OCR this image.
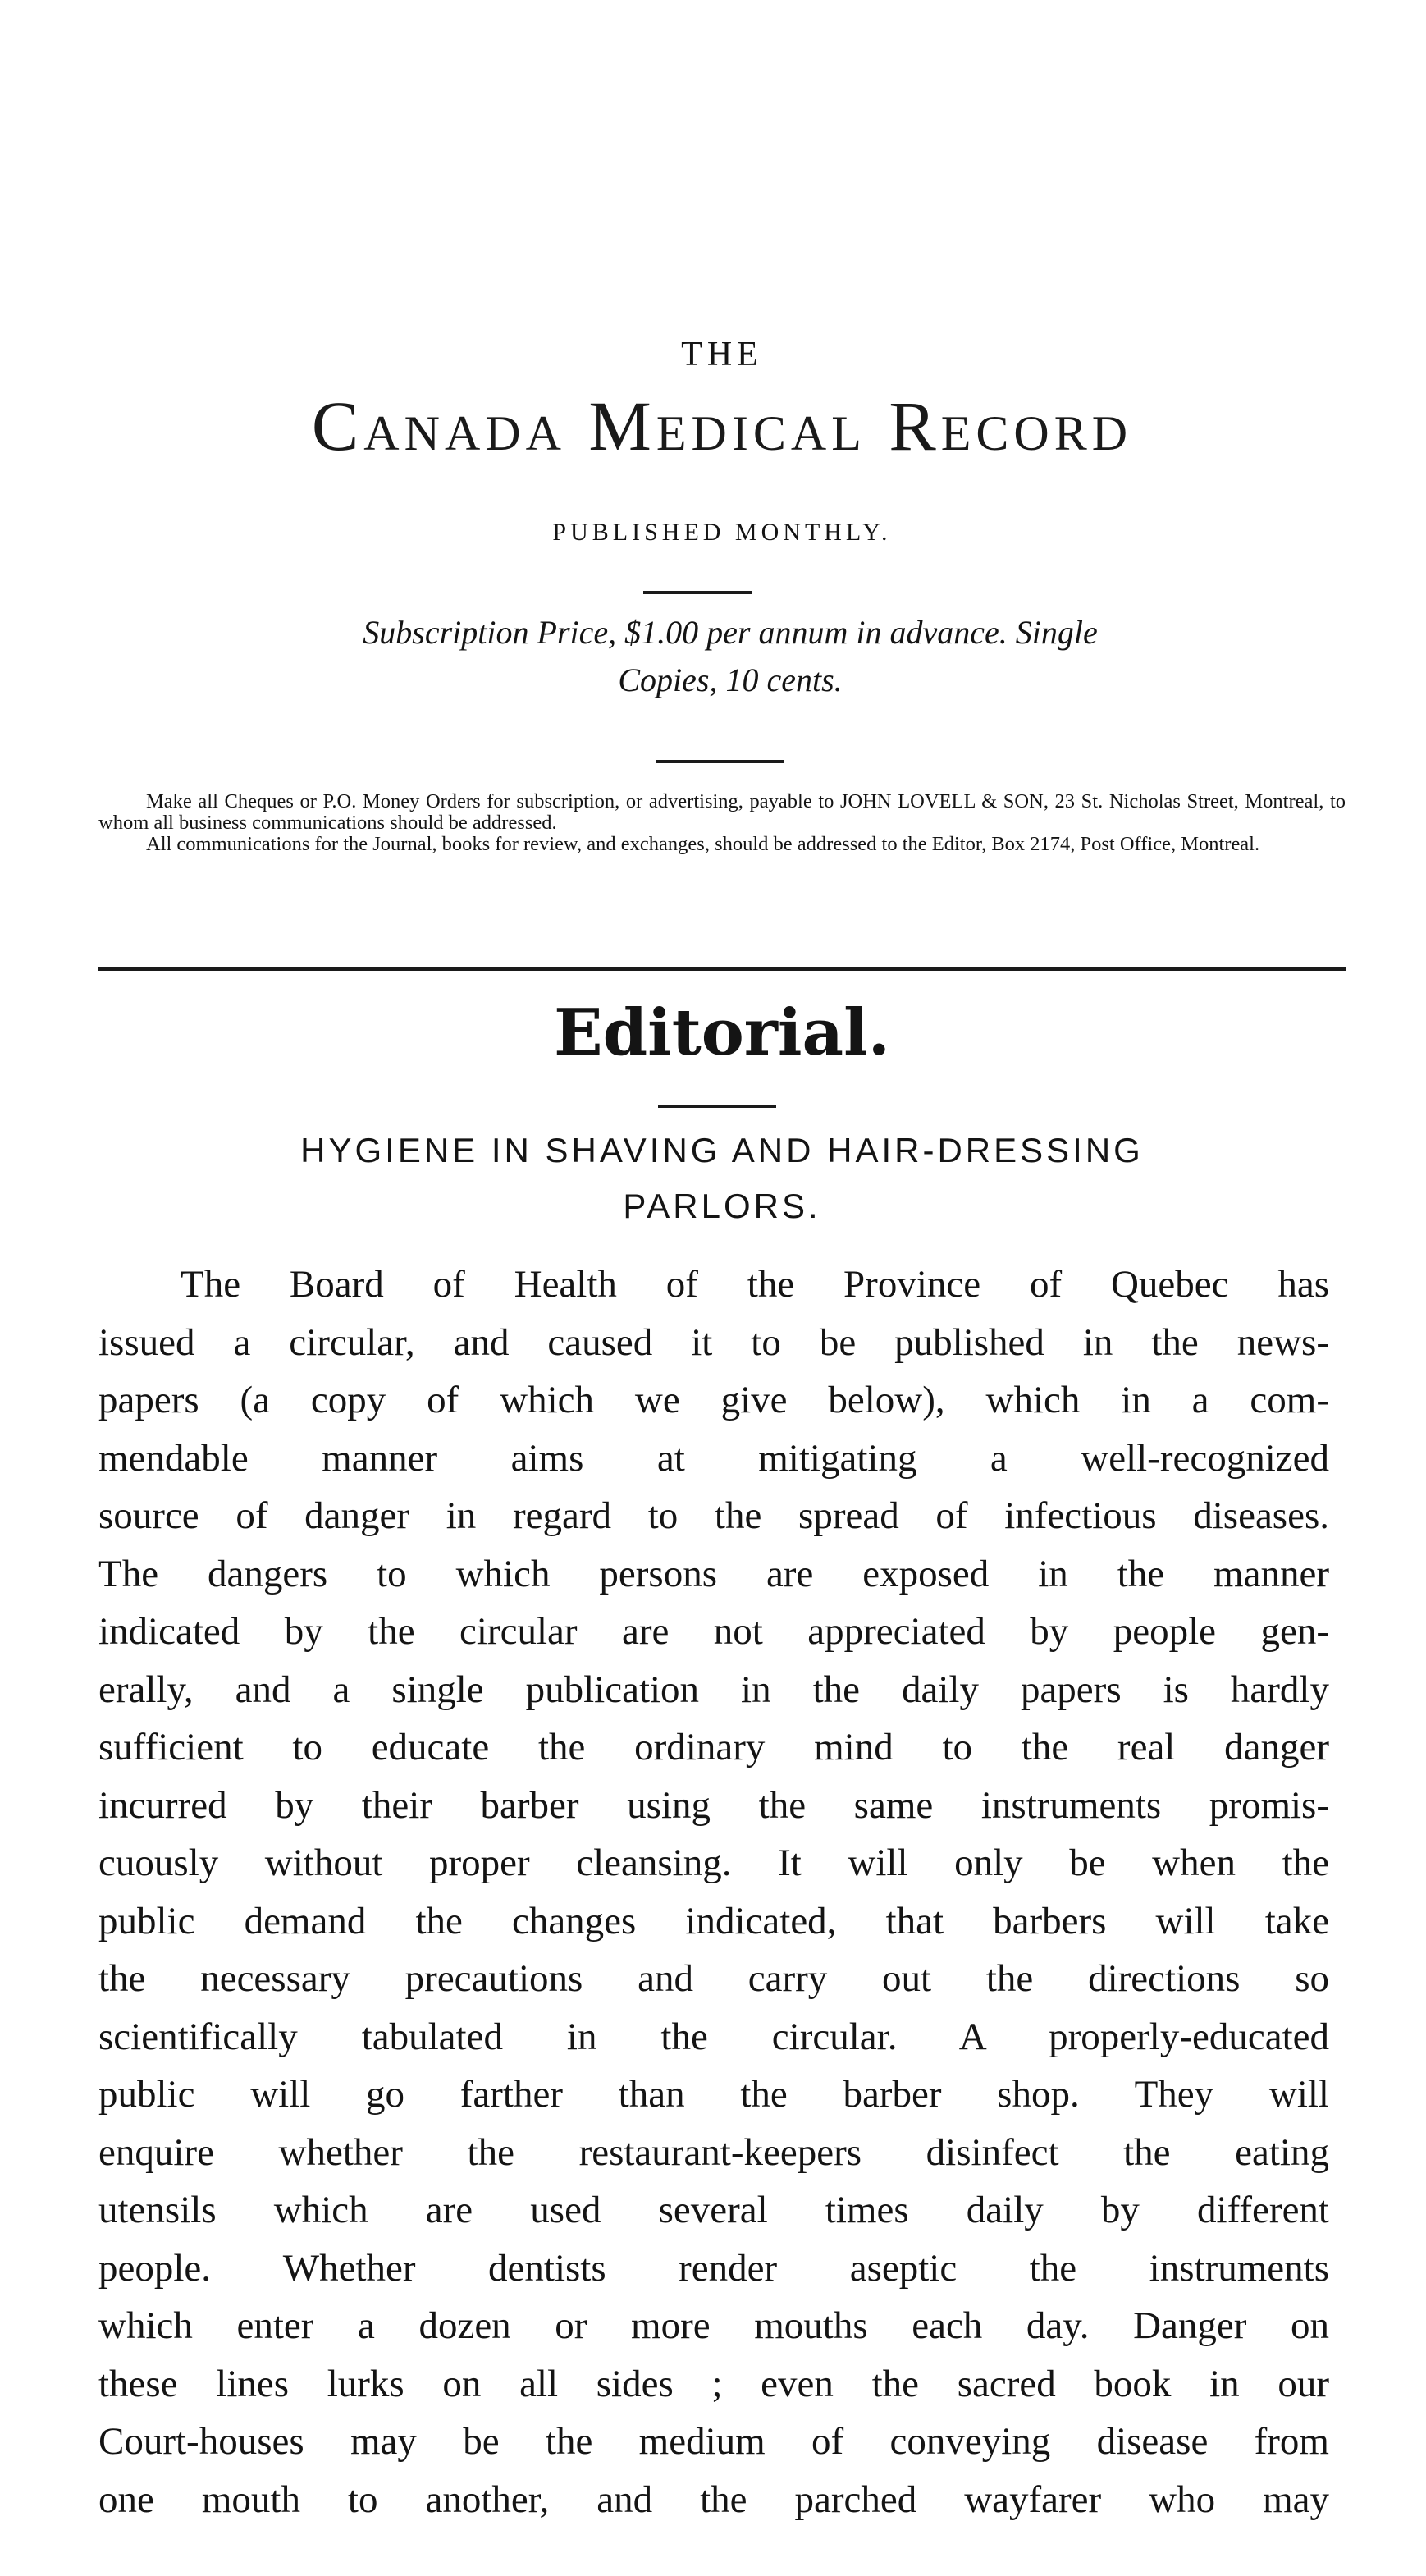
THE
Canada Medical Record
PUBLISHED MONTHLY.
Subscription Price, $1.00 per annum in advance. Single
Copies, 10 cents.

Make all Cheques or P.O. Money Orders for subscription, or advertising, payable to JOHN LOVELL & SON, 23 St. Nicholas Street, Montreal, to whom all business communications should be addressed.

All communications for the Journal, books for review, and exchanges, should be addressed to the Editor, Box 2174, Post Office, Montreal.

Editorial.
HYGIENE IN SHAVING AND HAIR-DRESSING
PARLORS.
The Board of Health of the Province of Quebec has
issued a circular, and caused it to be published in the news-
papers (a copy of which we give below), which in a com-
mendable manner aims at mitigating a well-recognized
source of danger in regard to the spread of infectious diseases.
The dangers to which persons are exposed in the manner
indicated by the circular are not appreciated by people gen-
erally, and a single publication in the daily papers is hardly
sufficient to educate the ordinary mind to the real danger
incurred by their barber using the same instruments promis-
cuously without proper cleansing. It will only be when the
public demand the changes indicated, that barbers will take
the necessary precautions and carry out the directions so
scientifically tabulated in the circular. A properly-educated
public will go farther than the barber shop. They will
enquire whether the restaurant-keepers disinfect the eating
utensils which are used several times daily by different
people. Whether dentists render aseptic the instruments
which enter a dozen or more mouths each day. Danger on
these lines lurks on all sides ; even the sacred book in our
Court-houses may be the medium of conveying disease from
one mouth to another, and the parched wayfarer who may
